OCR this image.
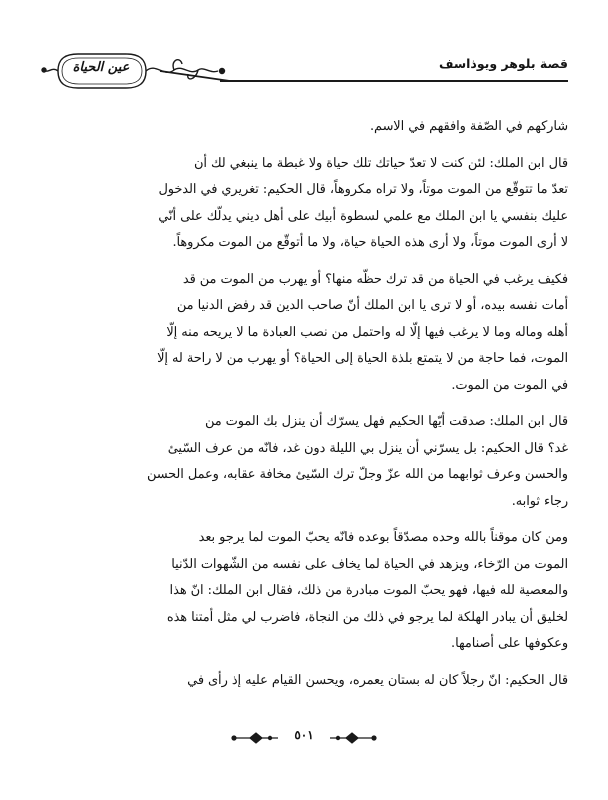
قصة بلوهر ويوذاسف
عين الحياة

شاركهم في الصّفة وافقهم في الاسم.

قال ابن الملك: لئن كنت لا تعدّ حياتك تلك حياة ولا غبطة ما ينبغي لك أن
تعدّ ما تتوقّع من الموت موتاً، ولا تراه مكروهاً، قال الحكيم: تغريري في الدخول
عليك بنفسي يا ابن الملك مع علمي لسطوة أبيك على أهل ديني يدلّك على أنّي
لا أرى الموت موتاً، ولا أرى هذه الحياة حياة، ولا ما أتوقّع من الموت مكروهاً.

فكيف يرغب في الحياة من قد ترك حظّه منها؟ أو يهرب من الموت من قد
أمات نفسه بيده، أو لا ترى يا ابن الملك أنّ صاحب الدين قد رفض الدنيا من
أهله وماله وما لا يرغب فيها إلّا له واحتمل من نصب العبادة ما لا يريحه منه إلّا
الموت، فما حاجة من لا يتمتع بلذة الحياة إلى الحياة؟ أو يهرب من لا راحة له إلّا
في الموت من الموت.

قال ابن الملك: صدقت أيّها الحكيم فهل يسرّك أن ينزل بك الموت من
غد؟ قال الحكيم: بل يسرّني أن ينزل بي الليلة دون غد، فانّه من عرف السّيئ
والحسن وعرف ثوابهما من الله عزّ وجلّ ترك السّيئ مخافة عقابه، وعمل الحسن
رجاء ثوابه.

ومن كان موقناً بالله وحده مصدّقاً بوعده فانّه يحبّ الموت لما يرجو بعد
الموت من الرّخاء، ويزهد في الحياة لما يخاف على نفسه من الشّهوات الدّنيا
والمعصية لله فيها، فهو يحبّ الموت مبادرة من ذلك، فقال ابن الملك: انّ هذا
لخليق أن يبادر الهلكة لما يرجو في ذلك من النجاة، فاضرب لي مثل أمتنا هذه
وعكوفها على أصنامها.

قال الحكيم: انّ رجلاً كان له بستان يعمره، ويحسن القيام عليه إذ رأى في

٥٠١
